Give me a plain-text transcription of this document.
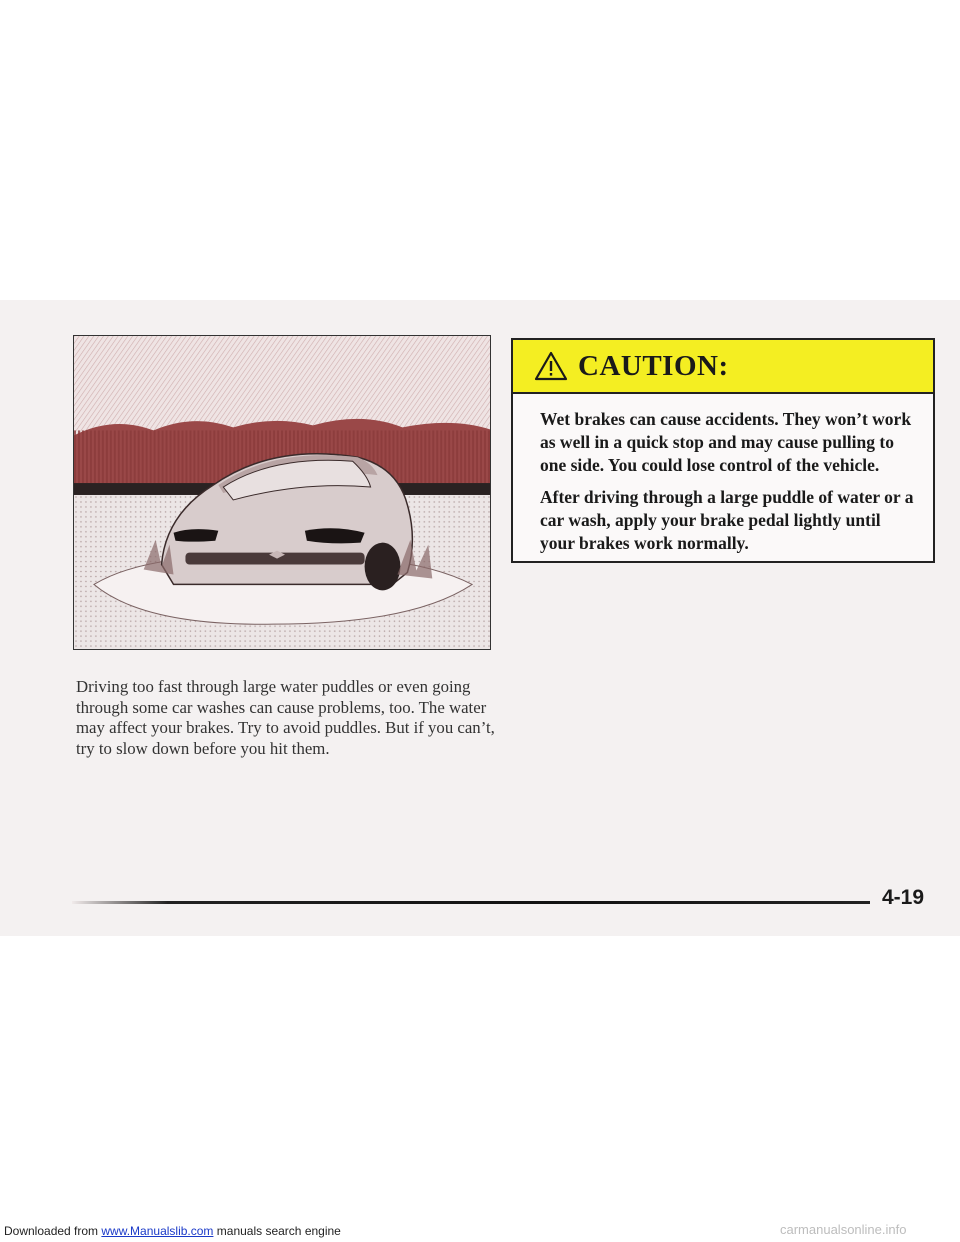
CAUTION:

Wet brakes can cause accidents. They won’t work as well in a quick stop and may cause pulling to one side. You could lose control of the vehicle.

After driving through a large puddle of water or a car wash, apply your brake pedal lightly until your brakes work normally.

Driving too fast through large water puddles or even going through some car washes can cause problems, too. The water may affect your brakes. Try to avoid puddles. But if you can’t, try to slow down before you hit them.
4-19
Downloaded from www.Manualslib.com manuals search engine	carmanualsonline.info
